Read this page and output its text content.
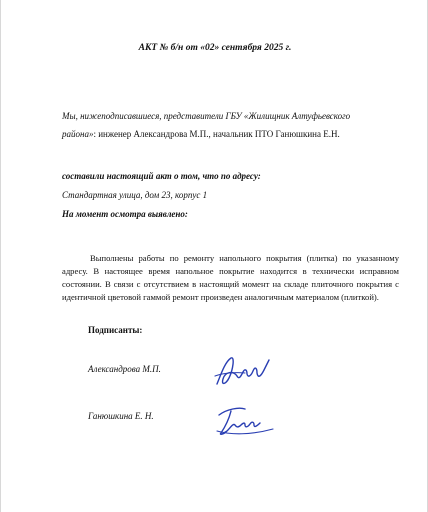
АКТ № б/н от «02» сентября 2025 г.
Мы, нижеподписавшиеся, представители ГБУ «Жилищник Алтуфьевского
района»: инженер Александрова М.П., начальник ПТО Ганюшкина Е.Н.
составили настоящий акт о том, что по адресу:
Стандартная улица, дом 23, корпус 1
На момент осмотра выявлено:
Выполнены работы по ремонту напольного покрытия (плитка) по указанному адресу. В настоящее время напольное покрытие находится в технически исправном состоянии. В связи с отсутствием в настоящий момент на складе плиточного покрытия с идентичной цветовой гаммой ремонт произведен аналогичным материалом (плиткой).
Подписанты:
Александрова М.П.
Ганюшкина Е. Н.
